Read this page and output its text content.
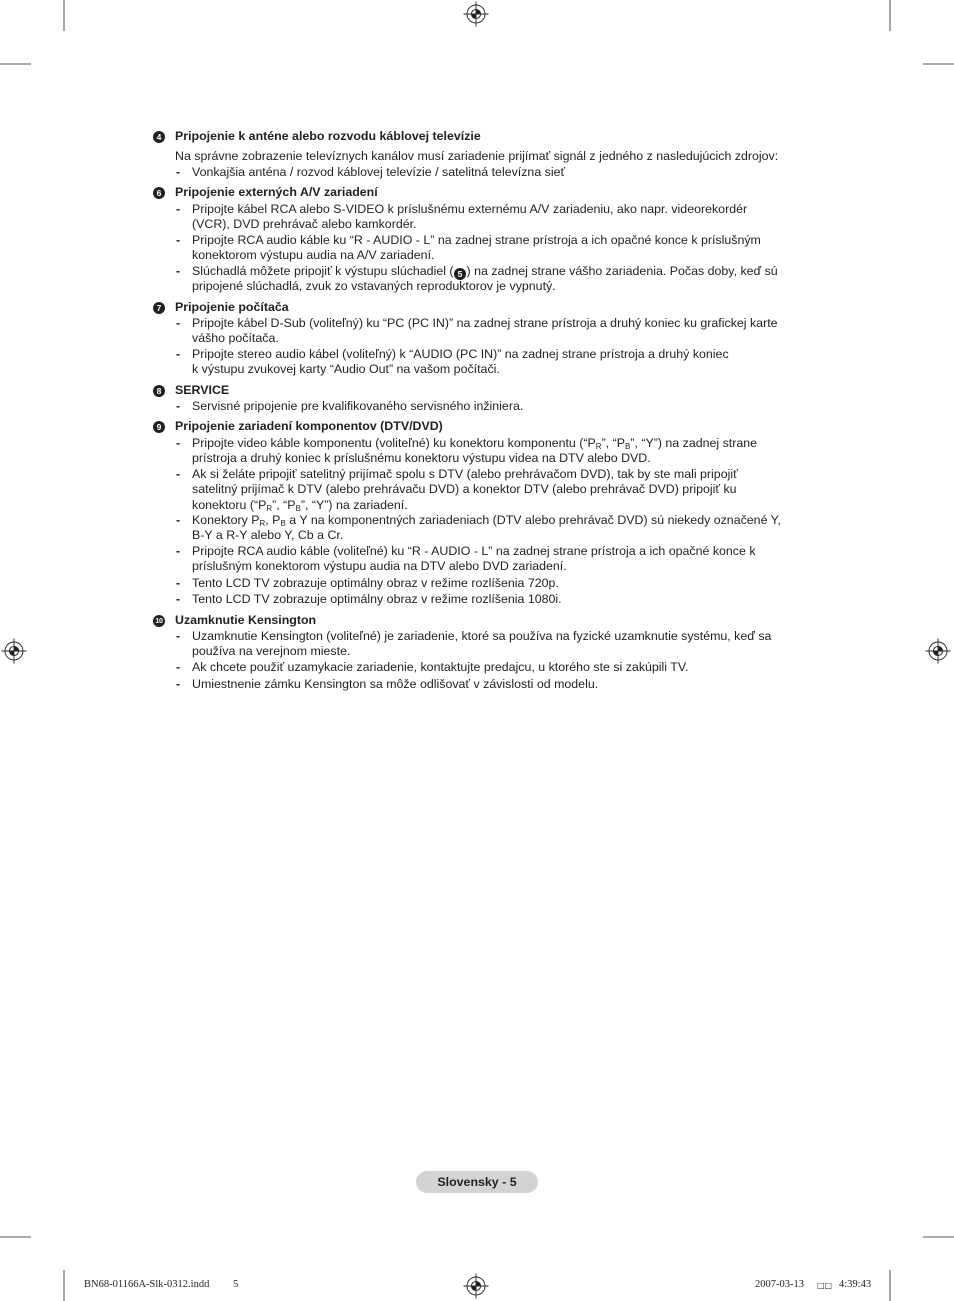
4 Pripojenie k anténe alebo rozvodu káblovej televízie
Na správne zobrazenie televíznych kanálov musí zariadenie prijímať signál z jedného z nasledujúcich zdrojov:
- Vonkajšia anténa / rozvod káblovej televízie / satelitná televízna sieť
6 Pripojenie externých A/V zariadení
- Pripojte kábel RCA alebo S-VIDEO k príslušnému externému A/V zariadeniu, ako napr. videorekordér
(VCR), DVD prehrávač alebo kamkordér.
- Pripojte RCA audio káble ku “R - AUDIO - L” na zadnej strane prístroja a ich opačné konce k príslušným
konektorom výstupu audia na A/V zariadení.
- Slúchadlá môžete pripojiť k výstupu slúchadiel ( 5 ) na zadnej strane vášho zariadenia. Počas doby, keď sú
pripojené slúchadlá, zvuk zo vstavaných reproduktorov je vypnutý.
7 Pripojenie počítača
- Pripojte kábel D-Sub (voliteľný) ku “PC (PC IN)” na zadnej strane prístroja a druhý koniec ku grafickej karte
vášho počítača.
- Pripojte stereo audio kábel (voliteľný) k “AUDIO (PC IN)” na zadnej strane prístroja a druhý koniec
k výstupu zvukovej karty “Audio Out” na vašom počítači.
8 SERVICE
- Servisné pripojenie pre kvalifikovaného servisného inžiniera.
9 Pripojenie zariadení komponentov (DTV/DVD)
- Pripojte video káble komponentu (voliteľné) ku konektoru komponentu (“PR”, “PB”, “Y”) na zadnej strane
prístroja a druhý koniec k príslušnému konektoru výstupu videa na DTV alebo DVD.
- Ak si želáte pripojiť satelitný prijímač spolu s DTV (alebo prehrávačom DVD), tak by ste mali pripojiť
satelitný prijímač k DTV (alebo prehrávaču DVD) a konektor DTV (alebo prehrávač DVD) pripojiť ku
konektoru (“PR”, “PB”, “Y”) na zariadení.
- Konektory PR, PB a Y na komponentných zariadeniach (DTV alebo prehrávač DVD) sú niekedy označené Y,
B-Y a R-Y alebo Y, Cb a Cr.
- Pripojte RCA audio káble (voliteľné) ku “R - AUDIO - L” na zadnej strane prístroja a ich opačné konce k
príslušným konektorom výstupu audia na DTV alebo DVD zariadení.
- Tento LCD TV zobrazuje optimálny obraz v režime rozlíšenia 720p.
- Tento LCD TV zobrazuje optimálny obraz v režime rozlíšenia 1080i.
10 Uzamknutie Kensington
- Uzamknutie Kensington (voliteľné) je zariadenie, ktoré sa používa na fyzické uzamknutie systému, keď sa
používa na verejnom mieste.
- Ak chcete použiť uzamykacie zariadenie, kontaktujte predajcu, u ktorého ste si zakúpili TV.
- Umiestnenie zámku Kensington sa môže odlišovať v závislosti od modelu.
Slovensky - 5
BN68-01166A-Slk-0312.indd 5	2007-03-13 □□ 4:39:43
